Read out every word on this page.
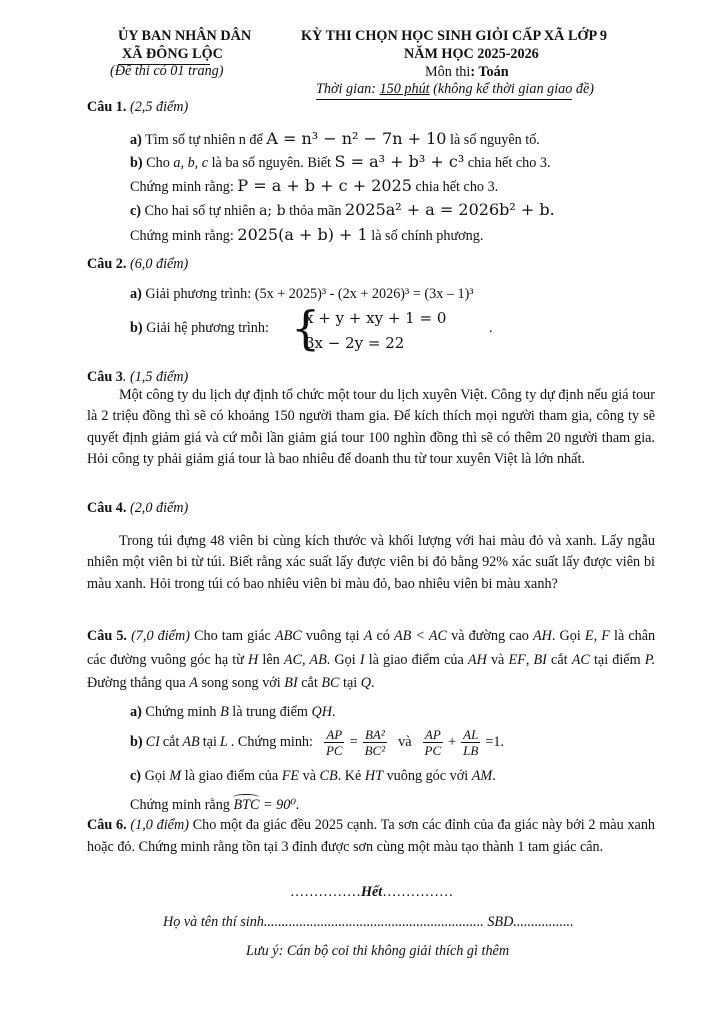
ỦY BAN NHÂN DÂN
XÃ ĐÔNG LỘC
(Đề thi có 01 trang)
KỲ THI CHỌN HỌC SINH GIỎI CẤP XÃ LỚP 9
NĂM HỌC 2025-2026
Môn thi: Toán
Thời gian: 150 phút (không kể thời gian giao đề)
Câu 1. (2,5 điểm)
a) Tìm số tự nhiên n để A = n³ − n² − 7n + 10 là số nguyên tố.
b) Cho a, b, c là ba số nguyên. Biết S = a³ + b³ + c³ chia hết cho 3.
Chứng minh rằng: P = a + b + c + 2025 chia hết cho 3.
c) Cho hai số tự nhiên a; b thỏa mãn 2025a² + a = 2026b² + b.
Chứng minh rằng: 2025(a + b) + 1 là số chính phương.
Câu 2. (6,0 điểm)
a) Giải phương trình: (5x + 2025)³ - (2x + 2026)³ = (3x – 1)³
b) Giải hệ phương trình: {
x + y + xy + 1 = 0
3x − 2y = 22
.
Câu 3. (1,5 điểm)
Một công ty du lịch dự định tổ chức một tour du lịch xuyên Việt. Công ty dự định nếu giá tour là 2 triệu đồng thì sẽ có khoảng 150 người tham gia. Để kích thích mọi người tham gia, công ty sẽ quyết định giảm giá và cứ mỗi lần giảm giá tour 100 nghìn đồng thì sẽ có thêm 20 người tham gia. Hỏi công ty phải giảm giá tour là bao nhiêu để doanh thu từ tour xuyên Việt là lớn nhất.
Câu 4. (2,0 điểm)
Trong túi đựng 48 viên bi cùng kích thước và khối lượng với hai màu đỏ và xanh. Lấy ngẫu nhiên một viên bi từ túi. Biết rằng xác suất lấy được viên bi đỏ bằng 92% xác suất lấy được viên bi màu xanh. Hỏi trong túi có bao nhiêu viên bi màu đỏ, bao nhiêu viên bi màu xanh?
Câu 5. (7,0 điểm) Cho tam giác ABC vuông tại A có AB < AC và đường cao AH. Gọi E, F là chân các đường vuông góc hạ từ H lên AC, AB. Gọi I là giao điểm của AH và EF, BI cắt AC tại điểm P. Đường thẳng qua A song song với BI cắt BC tại Q.
a) Chứng minh B là trung điểm QH.
b) CI cắt AB tại L . Chứng minh: $\frac{AP}{PC} = \frac{\text{BA²}}{\text{BC²}}$ và $\frac{AP}{PC} + \frac{AL}{LB} =1$.
c) Gọi M là giao điểm của FE và CB. Kẻ HT vuông góc với AM.
Chứng minh rằng BTC = 90⁰.
Câu 6. (1,0 điểm) Cho một đa giác đều 2025 cạnh. Ta sơn các đỉnh của đa giác này bởi 2 màu xanh hoặc đỏ. Chứng minh rằng tồn tại 3 đỉnh được sơn cùng một màu tạo thành 1 tam giác cân.
……………Hết……………
Họ và tên thí sinh.............................................................. SBD.................
Lưu ý: Cán bộ coi thi không giải thích gì thêm
